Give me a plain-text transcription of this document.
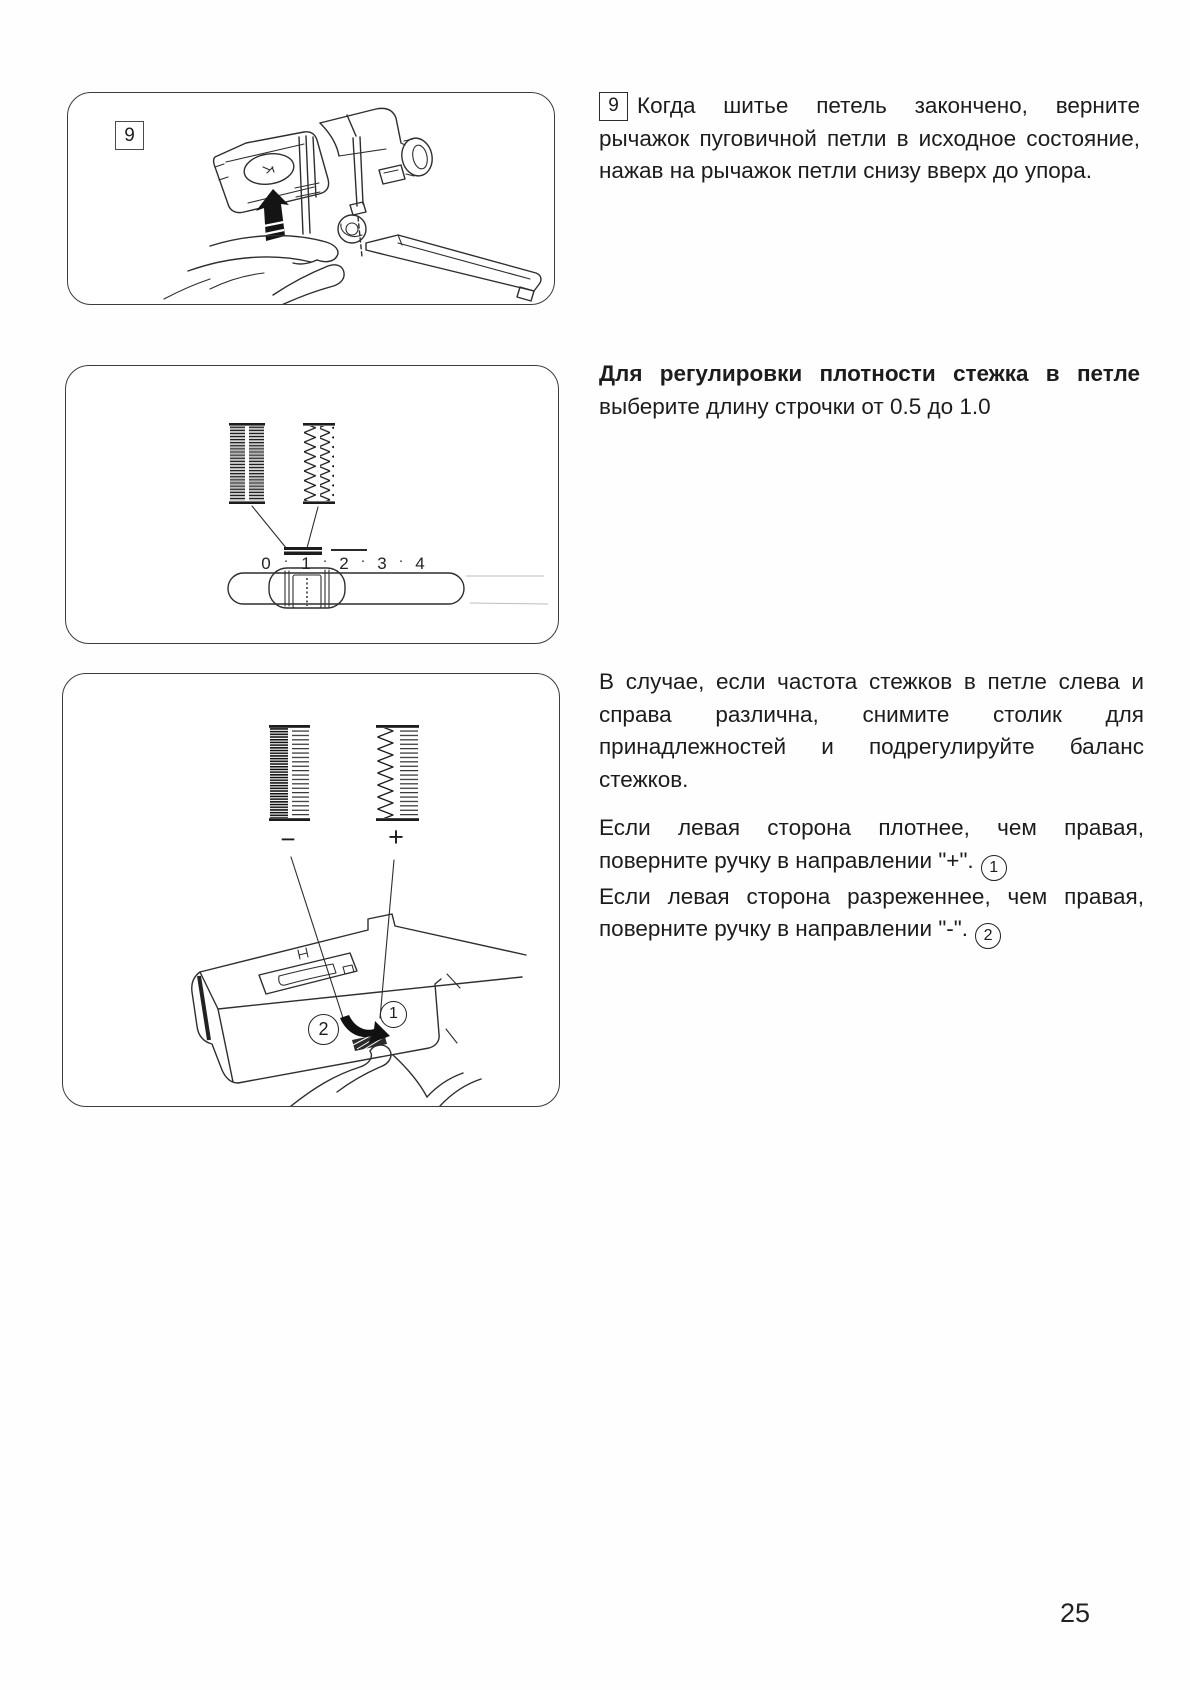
9
9 Когда шитье петель закончено, верните рычажок пуговичной петли в исходное состояние, нажав на рычажок петли снизу вверх до упора.
0 · 1 · 2 · 3 · 4
Для регулировки плотности стежка в петле выберите длину строчки от 0.5 до 1.0
−	+
2
1

В случае, если частота стежков в петле слева и справа различна, снимите столик для принадлежностей и подрегулируйте баланс стежков.

Если левая сторона плотнее, чем правая, поверните ручку в направлении "+". 1

Если левая сторона разреженнее, чем правая, поверните ручку в направлении "-". 2

25
